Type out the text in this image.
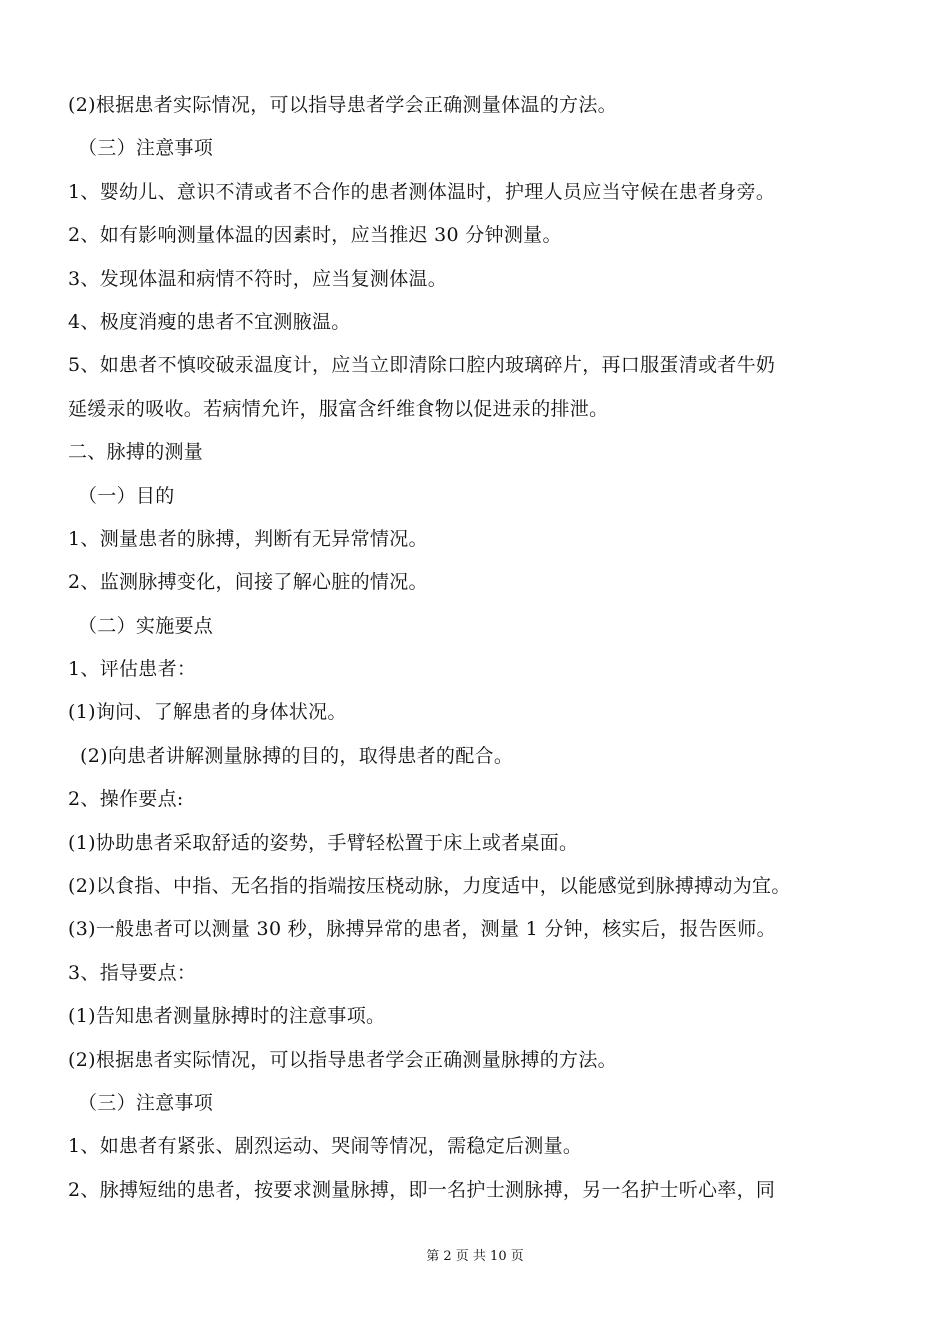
(2)根据患者实际情况，可以指导患者学会正确测量体温的方法。
（三）注意事项
1、婴幼儿、意识不清或者不合作的患者测体温时，护理人员应当守候在患者身旁。
2、如有影响测量体温的因素时，应当推迟 30 分钟测量。
3、发现体温和病情不符时，应当复测体温。
4、极度消瘦的患者不宜测腋温。
5、如患者不慎咬破汞温度计，应当立即清除口腔内玻璃碎片，再口服蛋清或者牛奶
延缓汞的吸收。若病情允许，服富含纤维食物以促进汞的排泄。
二、脉搏的测量
（一）目的
1、测量患者的脉搏，判断有无异常情况。
2、监测脉搏变化，间接了解心脏的情况。
（二）实施要点
1、评估患者：
(1)询问、了解患者的身体状况。
(2)向患者讲解测量脉搏的目的，取得患者的配合。
2、操作要点:
(1)协助患者采取舒适的姿势，手臂轻松置于床上或者桌面。
(2)以食指、中指、无名指的指端按压桡动脉，力度适中，以能感觉到脉搏搏动为宜。
(3)一般患者可以测量 30 秒，脉搏异常的患者，测量 1 分钟，核实后，报告医师。
3、指导要点：
(1)告知患者测量脉搏时的注意事项。
(2)根据患者实际情况，可以指导患者学会正确测量脉搏的方法。
（三）注意事项
1、如患者有紧张、剧烈运动、哭闹等情况，需稳定后测量。
2、脉搏短绌的患者，按要求测量脉搏，即一名护士测脉搏，另一名护士听心率，同
第 2 页 共 10 页
